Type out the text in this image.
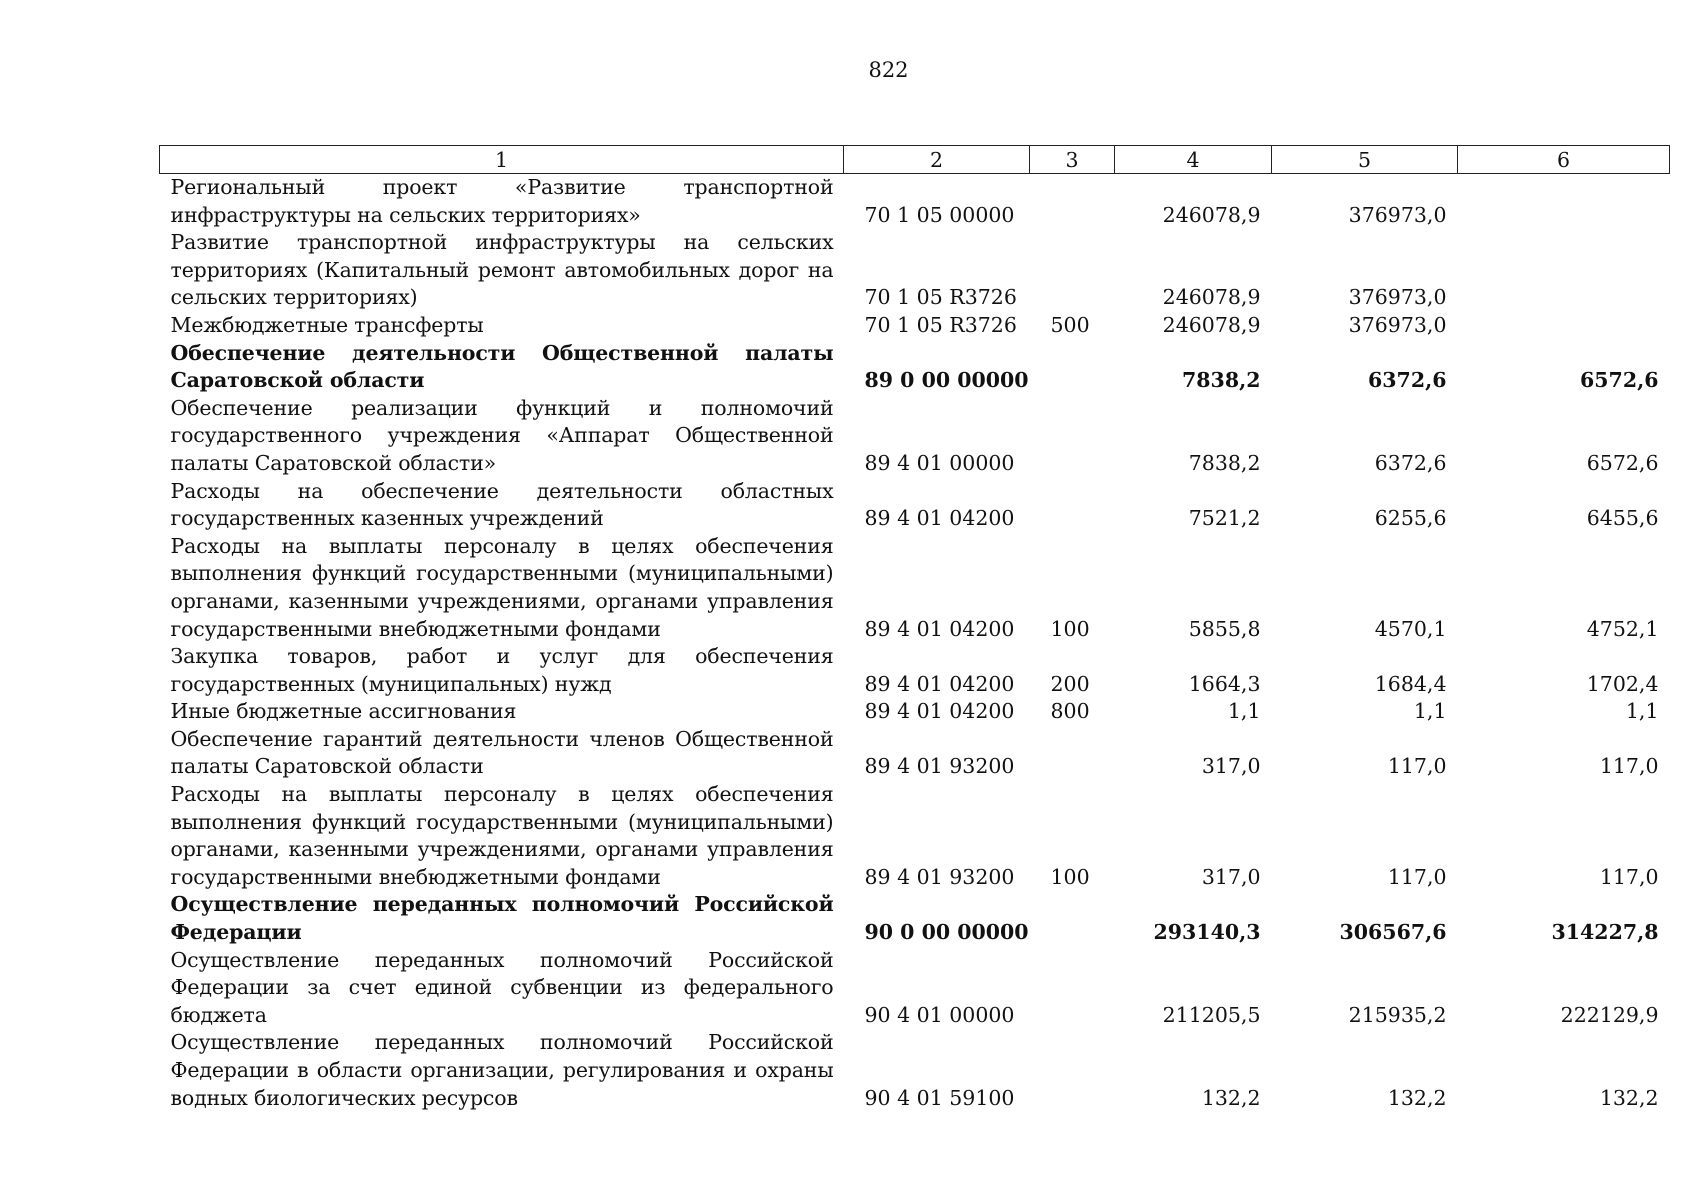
822
1	2	3	4	5	6
Региональный проект «Развитие транспортной инфраструктуры на сельских территориях»	70 1 05 00000		246078,9	376973,0	
Развитие транспортной инфраструктуры на сельских территориях (Капитальный ремонт автомобильных дорог на сельских территориях)	70 1 05 R3726		246078,9	376973,0	
Межбюджетные трансферты	70 1 05 R3726	500	246078,9	376973,0	
Обеспечение деятельности Общественной палаты Саратовской области	89 0 00 00000		7838,2	6372,6	6572,6
Обеспечение реализации функций и полномочий государственного учреждения «Аппарат Общественной палаты Саратовской области»	89 4 01 00000		7838,2	6372,6	6572,6
Расходы на обеспечение деятельности областных государственных казенных учреждений	89 4 01 04200		7521,2	6255,6	6455,6
Расходы на выплаты персоналу в целях обеспечения выполнения функций государственными (муниципальными) органами, казенными учреждениями, органами управления государственными внебюджетными фондами	89 4 01 04200	100	5855,8	4570,1	4752,1
Закупка товаров, работ и услуг для обеспечения государственных (муниципальных) нужд	89 4 01 04200	200	1664,3	1684,4	1702,4
Иные бюджетные ассигнования	89 4 01 04200	800	1,1	1,1	1,1
Обеспечение гарантий деятельности членов Общественной палаты Саратовской области	89 4 01 93200		317,0	117,0	117,0
Расходы на выплаты персоналу в целях обеспечения выполнения функций государственными (муниципальными) органами, казенными учреждениями, органами управления государственными внебюджетными фондами	89 4 01 93200	100	317,0	117,0	117,0
Осуществление переданных полномочий Российской Федерации	90 0 00 00000		293140,3	306567,6	314227,8
Осуществление переданных полномочий Российской Федерации за счет единой субвенции из федерального бюджета	90 4 01 00000		211205,5	215935,2	222129,9
Осуществление переданных полномочий Российской Федерации в области организации, регулирования и охраны водных биологических ресурсов	90 4 01 59100		132,2	132,2	132,2
